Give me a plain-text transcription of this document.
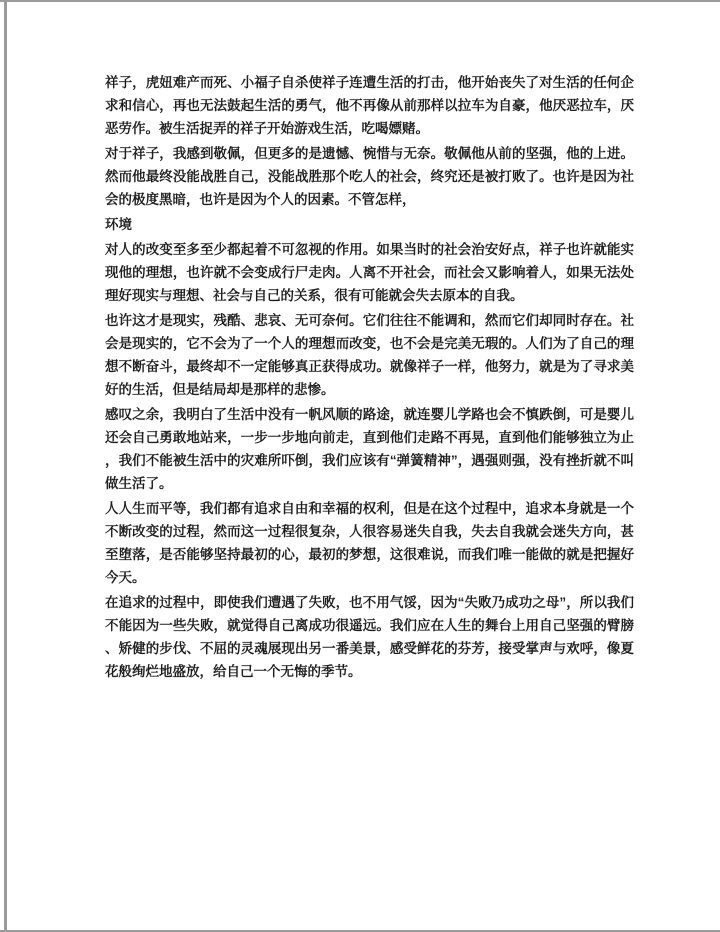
祥子，虎妞难产而死、小福子自杀使祥子连遭生活的打击，他开始丧失了对生活的任何企求和信心，再也无法鼓起生活的勇气，他不再像从前那样以拉车为自豪，他厌恶拉车，厌恶劳作。被生活捉弄的祥子开始游戏生活，吃喝嫖赌。

对于祥子，我感到敬佩，但更多的是遗憾、惋惜与无奈。敬佩他从前的坚强，他的上进。然而他最终没能战胜自己，没能战胜那个吃人的社会，终究还是被打败了。也许是因为社会的极度黑暗，也许是因为个人的因素。不管怎样，

环境

对人的改变至多至少都起着不可忽视的作用。如果当时的社会治安好点，祥子也许就能实现他的理想，也许就不会变成行尸走肉。人离不开社会，而社会又影响着人，如果无法处理好现实与理想、社会与自己的关系，很有可能就会失去原本的自我。

也许这才是现实，残酷、悲哀、无可奈何。它们往往不能调和，然而它们却同时存在。社会是现实的，它不会为了一个人的理想而改变，也不会是完美无瑕的。人们为了自己的理想不断奋斗，最终却不一定能够真正获得成功。就像祥子一样，他努力，就是为了寻求美好的生活，但是结局却是那样的悲惨。

感叹之余，我明白了生活中没有一帆风顺的路途，就连婴儿学路也会不慎跌倒，可是婴儿还会自己勇敢地站来，一步一步地向前走，直到他们走路不再晃，直到他们能够独立为止，我们不能被生活中的灾难所吓倒，我们应该有“弹簧精神”，遇强则强，没有挫折就不叫做生活了。

人人生而平等，我们都有追求自由和幸福的权利，但是在这个过程中，追求本身就是一个不断改变的过程，然而这一过程很复杂，人很容易迷失自我，失去自我就会迷失方向，甚至堕落，是否能够坚持最初的心，最初的梦想，这很难说，而我们唯一能做的就是把握好今天。

在追求的过程中，即使我们遭遇了失败，也不用气馁，因为“失败乃成功之母”，所以我们不能因为一些失败，就觉得自己离成功很遥远。我们应在人生的舞台上用自己坚强的臂膀、矫健的步伐、不屈的灵魂展现出另一番美景，感受鲜花的芬芳，接受掌声与欢呼，像夏花般绚烂地盛放，给自己一个无悔的季节。
